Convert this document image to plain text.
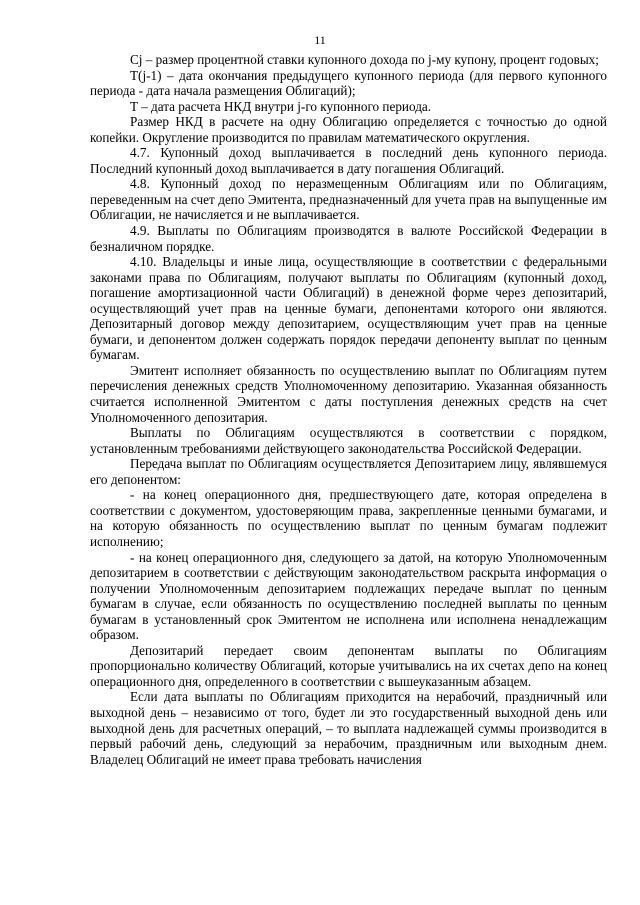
11

Cj – размер процентной ставки купонного дохода по j-му купону, процент годовых;

T(j-1) – дата окончания предыдущего купонного периода (для первого купонного периода - дата начала размещения Облигаций);

T – дата расчета НКД внутри j-го купонного периода.

Размер НКД в расчете на одну Облигацию определяется с точностью до одной копейки. Округление производится по правилам математического округления.

4.7. Купонный доход выплачивается в последний день купонного периода. Последний купонный доход выплачивается в дату погашения Облигаций.

4.8. Купонный доход по неразмещенным Облигациям или по Облигациям, переведенным на счет депо Эмитента, предназначенный для учета прав на выпущенные им Облигации, не начисляется и не выплачивается.

4.9. Выплаты по Облигациям производятся в валюте Российской Федерации в безналичном порядке.

4.10. Владельцы и иные лица, осуществляющие в соответствии с федеральными законами права по Облигациям, получают выплаты по Облигациям (купонный доход, погашение амортизационной части Облигаций) в денежной форме через депозитарий, осуществляющий учет прав на ценные бумаги, депонентами которого они являются. Депозитарный договор между депозитарием, осуществляющим учет прав на ценные бумаги, и депонентом должен содержать порядок передачи депоненту выплат по ценным бумагам.

Эмитент исполняет обязанность по осуществлению выплат по Облигациям путем перечисления денежных средств Уполномоченному депозитарию. Указанная обязанность считается исполненной Эмитентом с даты поступления денежных средств на счет Уполномоченного депозитария.

Выплаты по Облигациям осуществляются в соответствии с порядком, установленным требованиями действующего законодательства Российской Федерации.

Передача выплат по Облигациям осуществляется Депозитарием лицу, являвшемуся его депонентом:

- на конец операционного дня, предшествующего дате, которая определена в соответствии с документом, удостоверяющим права, закрепленные ценными бумагами, и на которую обязанность по осуществлению выплат по ценным бумагам подлежит исполнению;

- на конец операционного дня, следующего за датой, на которую Уполномоченным депозитарием в соответствии с действующим законодательством раскрыта информация о получении Уполномоченным депозитарием подлежащих передаче выплат по ценным бумагам в случае, если обязанность по осуществлению последней выплаты по ценным бумагам в установленный срок Эмитентом не исполнена или исполнена ненадлежащим образом.

Депозитарий передает своим депонентам выплаты по Облигациям пропорционально количеству Облигаций, которые учитывались на их счетах депо на конец операционного дня, определенного в соответствии с вышеуказанным абзацем.

Если дата выплаты по Облигациям приходится на нерабочий, праздничный или выходной день – независимо от того, будет ли это государственный выходной день или выходной день для расчетных операций, – то выплата надлежащей суммы производится в первый рабочий день, следующий за нерабочим, праздничным или выходным днем. Владелец Облигаций не имеет права требовать начисления
